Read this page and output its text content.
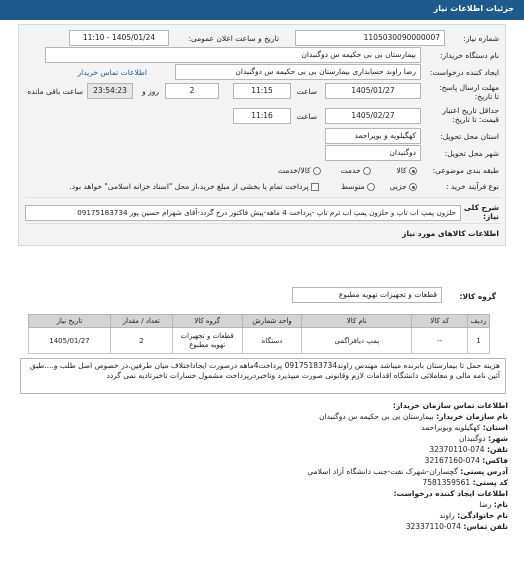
جزئیات اطلاعات نیاز
شماره نیاز:
1105030090000007
تاریخ و ساعت اعلان عمومی:
1405/01/24 - 11:10
نام دستگاه خریدار:
بیمارستان بی بی حکیمه س دوگنبدان
ایجاد کننده درخواست:
رضا راوند حسابداری بیمارستان بی بی حکیمه س دوگنبدان
اطلاعات تماس خریدار
مهلت ارسال پاسخ: تا تاریخ:
1405/01/27
ساعت
11:15
2
روز و
23:54:23
ساعت باقی مانده
حداقل تاریخ اعتبار قیمت: تا تاریخ:
1405/02/27
ساعت
11:16
استان محل تحویل:
کهگیلویه و بویراحمد
شهر محل تحویل:
دوگنبدان
طبقه بندی موضوعی:
کالا
خدمت
کالا/خدمت
نوع فرآیند خرید :
جزیی
متوسط
پرداخت تمام یا بخشی از مبلغ خرید،از محل "اسناد خزانه اسلامی" خواهد بود.
شرح کلی نیاز:
حلزون پمپ اب تاپ و حلزون پمپ اب ترم تاپ -پرداخت 4 ماهه-پیش فاکتور درج گردد-آقای شهرام حسین پور 09175183734
اطلاعات کالاهای مورد نیاز
گروه کالا:
قطعات و تجهیزات تهویه مطبوع
ردیف	کد کالا	نام کالا	واحد شمارش	گروه کالا	تعداد / مقدار	تاریخ نیاز
1	--	پمپ دیافراگمی	دستگاه	قطعات و تجهیزات تهویه مطبوع	2	1405/01/27
هزینه حمل تا بیمارستان بابرنده میباشد مهندس راوند09175183734 پرداخت4ماهه درصورت ایجاداختلاف میان طرفین،در خصوص اصل طلب و....طبق آئین نامه مالی و معاملاتی دانشگاه اقدامات لازم وقانونی صورت میپذیرد وتاخیردرپرداخت مشمول خسارات تاخیرتادیه نمی گردد
اطلاعات تماس سازمان خریدار:
نام سازمان خریدار: بیمارستان بی بی حکیمه س دوگنبدان
استان: کهگیلویه وبویراحمد
شهر: دوگنبدان
تلفن: 074-32370110
فاکس: 074-32167160
آدرس پستی: گچساران-شهرک نفت-جنب دانشگاه آزاد اسلامی
کد پستی: 7581359561
اطلاعات ایجاد کننده درخواست:
نام: رضا
نام خانوادگی: راوند
تلفن تماس: 074-32337110
